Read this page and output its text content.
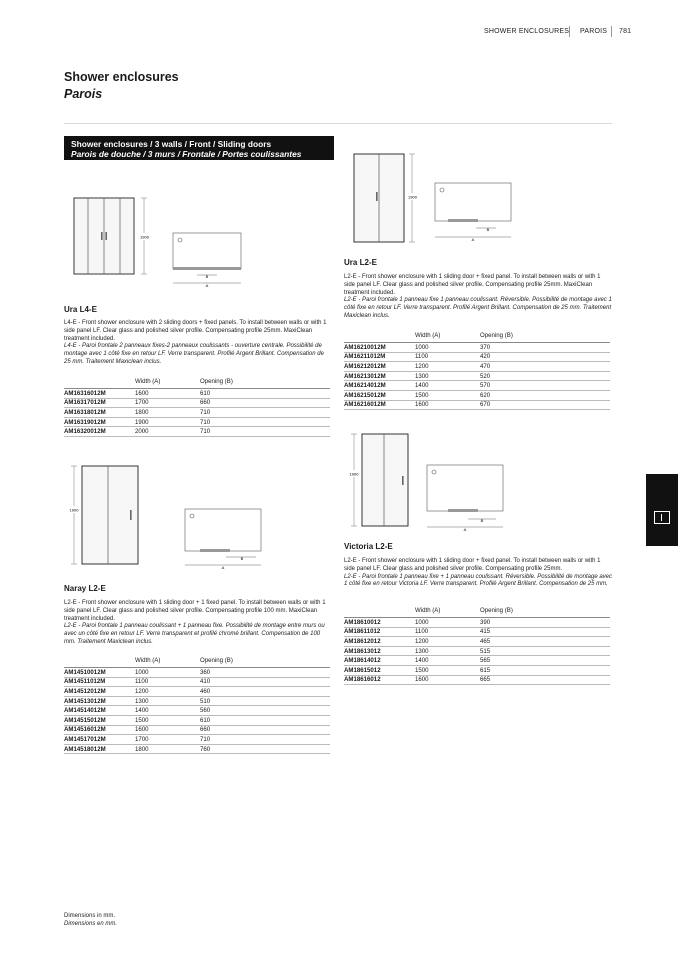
SHOWER ENCLOSURES PAROIS 781
Shower enclosures
Parois
Shower enclosures / 3 walls / Front / Sliding doors
Parois de douche / 3 murs / Frontale / Portes coulissantes
1900
B
A
Ura L4-E
L4-E - Front shower enclosure with 2 sliding doors + fixed panels. To install between walls or with 1 side panel LF. Clear glass and polished silver profile. Compensating profile 25mm. MaxiClean treatment included.
L4-E - Paroi frontale 2 panneaux fixes-2 panneaux coulissants - ouverture centrale. Possibilité de montage avec 1 côté fixe en retour LF. Verre transparent. Profilé Argent Brillant. Compensation de 25 mm. Traitement Maxiclean inclus.
	Width (A)	Opening (B)
AM16316012M	1600	610
AM16317012M	1700	660
AM16318012M	1800	710
AM16319012M	1900	710
AM16320012M	2000	710
1900
B
A
Ura L2-E
L2-E - Front shower enclosure with 1 sliding door + fixed panel. To install between walls or with 1 side panel LF. Clear glass and polished silver profile. Compensating profile 25mm. MaxiClean treatment included.
L2-E - Paroi frontale 1 panneau fixe 1 panneau coulissant. Réversible. Possibilité de montage avec 1 côté fixe en retour LF. Verre transparent. Profilé Argent Brillant. Compensation de 25 mm. Traitement Maxiclean inclus.
	Width (A)	Opening (B)
AM16210012M	1000	370
AM16211012M	1100	420
AM16212012M	1200	470
AM16213012M	1300	520
AM16214012M	1400	570
AM16215012M	1500	620
AM16216012M	1600	670
1900
B
A
Naray L2-E
L2-E - Front shower enclosure with 1 sliding door + 1 fixed panel. To install between walls or with 1 side panel LF. Clear glass and polished silver profile. Compensating profile 100 mm. MaxiClean treatment included.
L2-E - Paroi frontale 1 panneau coulissant + 1 panneau fixe. Possibilité de montage entre murs ou avec un côté fixe en retour LF. Verre transparent et profilé chromé brillant. Compensation de 100 mm. Traitement Maxiclean inclus.
	Width (A)	Opening (B)
AM14510012M	1000	360
AM14511012M	1100	410
AM14512012M	1200	460
AM14513012M	1300	510
AM14514012M	1400	560
AM14515012M	1500	610
AM14516012M	1600	660
AM14517012M	1700	710
AM14518012M	1800	760
1900
B
A
Victoria L2-E
L2-E - Front shower enclosure with 1 sliding door + fixed panel. To install between walls or with 1 side panel LF. Clear glass and polished silver profile. Compensating profile 25mm.
L2-E - Paroi frontale 1 panneau fixe + 1 panneau coulissant. Réversible. Possibilité de montage avec 1 côté fixe en retour Victoria LF. Verre transparent. Profilé Argent Brillant. Compensation de 25 mm.
	Width (A)	Opening (B)
AM18610012	1000	390
AM18611012	1100	415
AM18612012	1200	465
AM18613012	1300	515
AM18614012	1400	565
AM18615012	1500	615
AM18616012	1600	665
Dimensions in mm.
Dimensions en mm.
